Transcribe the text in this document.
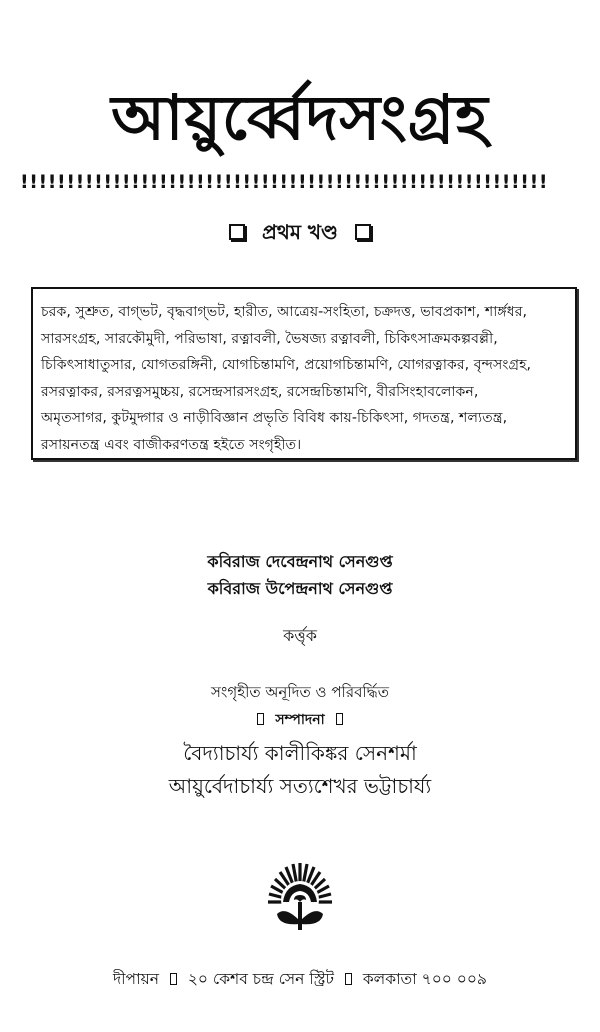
আয়ুর্ব্বেদসংগ্রহ
!!!!!!!!!!!!!!!!!!!!!!!!!!!!!!!!!!!!!!!!!!!!!!!!!!!!!!!!!
প্রথম খণ্ড
চরক, সুশ্রুত, বাগ্ভট, বৃদ্ধবাগ্ভট, হারীত, আত্রেয়-সংহিতা, চক্রদত্ত, ভাবপ্রকাশ, শার্ঙ্গধর,
সারসংগ্রহ, সারকৌমুদী, পরিভাষা, রত্নাবলী, ভৈষজ্য রত্নাবলী, চিকিৎসাক্রমকল্পবল্লী,
চিকিৎসাধাতুসার, যোগতরঙ্গিনী, যোগচিন্তামণি, প্রয়োগচিন্তামণি, যোগরত্নাকর, বৃন্দসংগ্রহ,
রসরত্নাকর, রসরত্নসমুচ্চয়, রসেন্দ্রসারসংগ্রহ, রসেন্দ্রচিন্তামণি, বীরসিংহাবলোকন,
অমৃতসাগর, কুটমুদ্গার ও নাড়ীবিজ্ঞান প্রভৃতি বিবিধ কায়-চিকিৎসা, গদতন্ত্র, শল্যতন্ত্র,
রসায়নতন্ত্র এবং বাজীকরণতন্ত্র হইতে সংগৃহীত।
কবিরাজ দেবেন্দ্রনাথ সেনগুপ্ত
কবিরাজ উপেন্দ্রনাথ সেনগুপ্ত
কর্ত্তৃক
সংগৃহীত অনূদিত ও পরিবর্দ্ধিত
সম্পাদনা
বৈদ্যাচার্য্য কালীকিঙ্কর সেনশর্মা
আয়ুর্বেদাচার্য্য সত্যশেখর ভট্টাচার্য্য
দীপায়ন ২০ কেশব চন্দ্র সেন স্ট্রিট কলকাতা ৭০০ ০০৯
